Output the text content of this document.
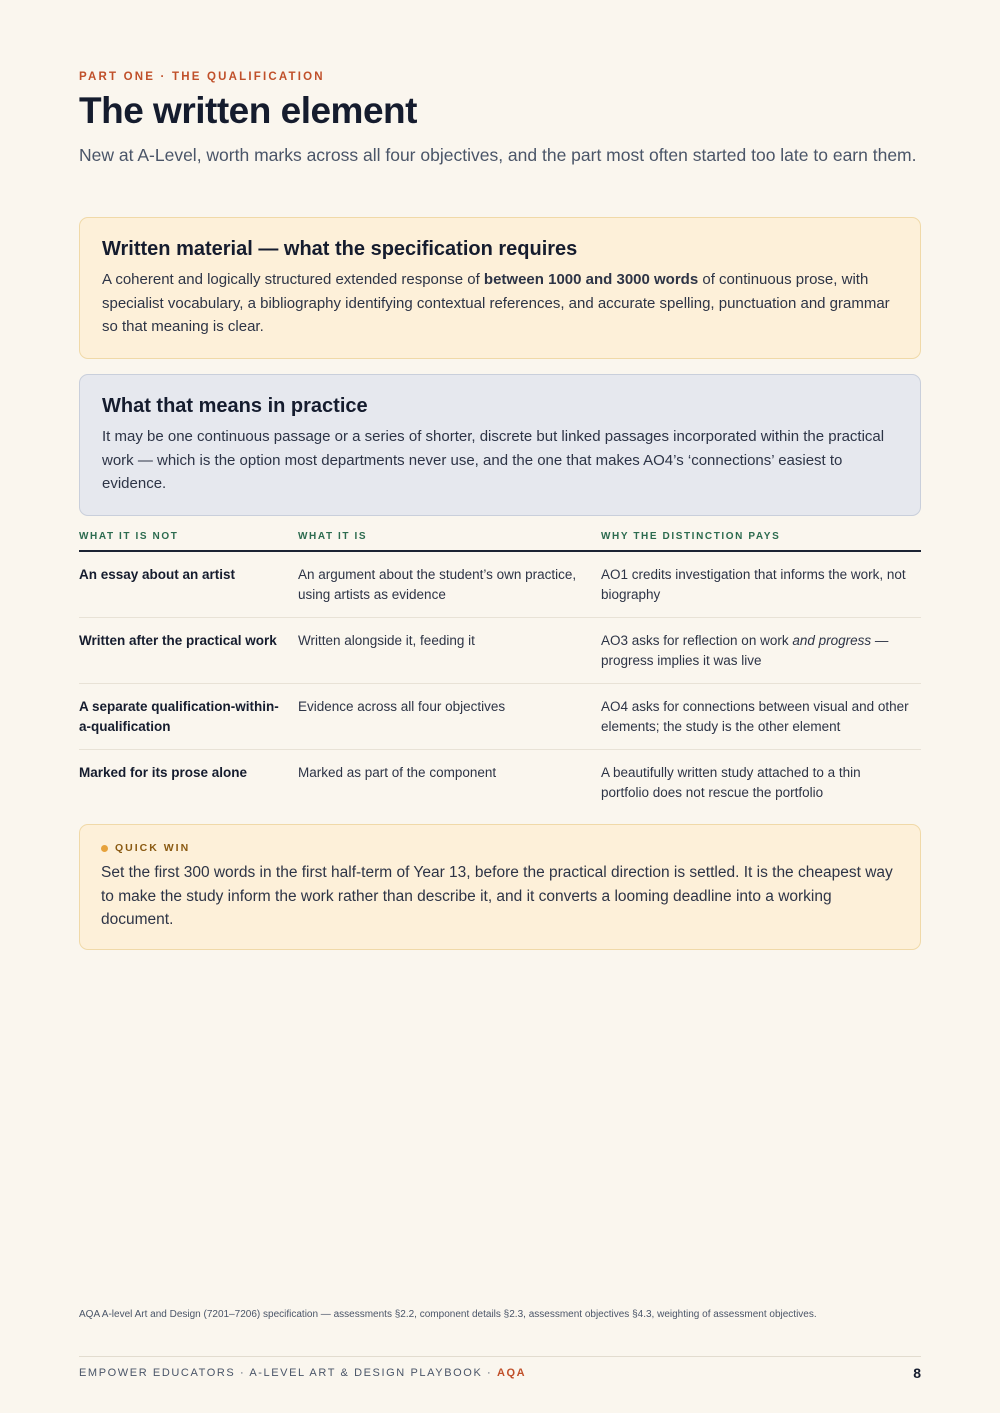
PART ONE · THE QUALIFICATION
The written element

New at A-Level, worth marks across all four objectives, and the part most often started too late to earn them.

Written material — what the specification requires

A coherent and logically structured extended response of between 1000 and 3000 words of continuous prose, with specialist vocabulary, a bibliography identifying contextual references, and accurate spelling, punctuation and grammar so that meaning is clear.

What that means in practice

It may be one continuous passage or a series of shorter, discrete but linked passages incorporated within the practical work — which is the option most departments never use, and the one that makes AO4’s ‘connections’ easiest to evidence.

WHAT IT IS NOT	WHAT IT IS	WHY THE DISTINCTION PAYS
An essay about an artist	An argument about the student’s own practice, using artists as evidence	AO1 credits investigation that informs the work, not biography
Written after the practical work	Written alongside it, feeding it	AO3 asks for reflection on work and progress — progress implies it was live
A separate qualification-within-a-qualification	Evidence across all four objectives	AO4 asks for connections between visual and other elements; the study is the other element
Marked for its prose alone	Marked as part of the component	A beautifully written study attached to a thin portfolio does not rescue the portfolio
QUICK WIN

Set the first 300 words in the first half-term of Year 13, before the practical direction is settled. It is the cheapest way to make the study inform the work rather than describe it, and it converts a looming deadline into a working document.

AQA A-level Art and Design (7201–7206) specification — assessments §2.2, component details §2.3, assessment objectives §4.3, weighting of assessment objectives.
EMPOWER EDUCATORS · A-LEVEL ART & DESIGN PLAYBOOK · AQA	8
